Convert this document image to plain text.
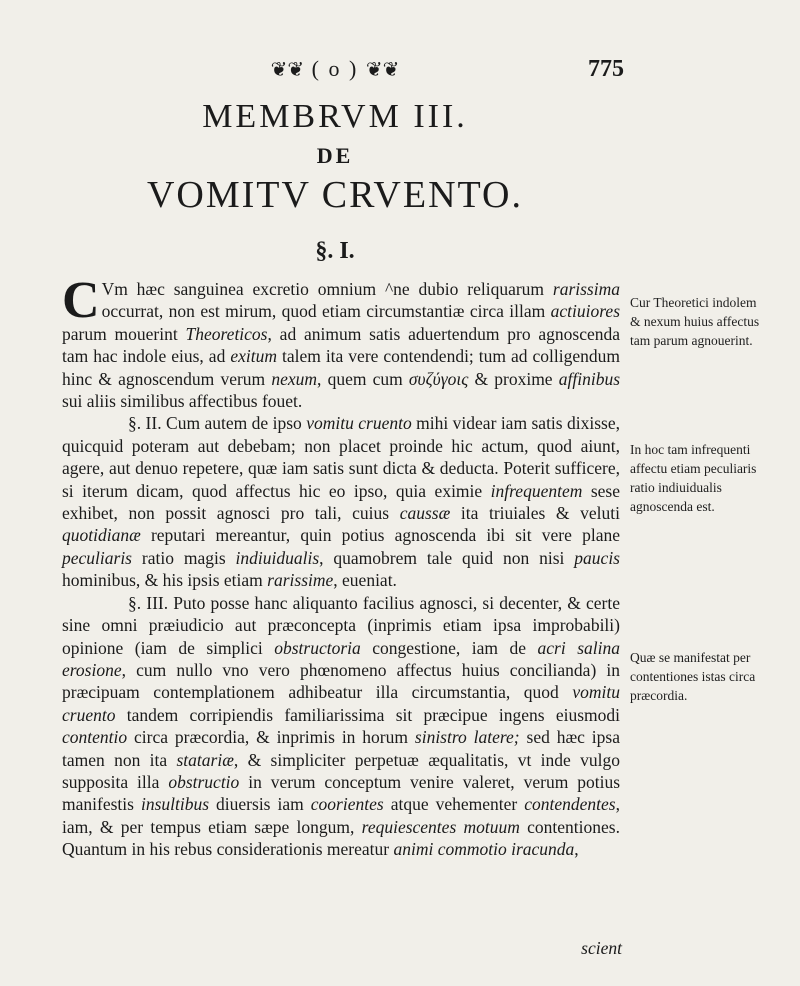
❦❦ ( o ) ❦❦	775
MEMBRVM III.
DE
VOMITV CRVENTO.
§. I.

C Vm hæc sanguinea excretio omnium ^ne dubio reliquarum rarissima occurrat, non est mirum, quod etiam circumstantiæ circa illam actiuiores parum mouerint Theoreticos, ad animum satis aduertendum pro agnoscenda tam hac indole eius, ad exitum talem ita vere contendendi; tum ad colligendum hinc & agnoscendum verum nexum, quem cum συζύγοις & proxime affinibus sui aliis similibus affectibus fouet.

§. II. Cum autem de ipso vomitu cruento mihi videar iam satis dixisse, quicquid poteram aut debebam; non placet proinde hic actum, quod aiunt, agere, aut denuo repetere, quæ iam satis sunt dicta & deducta. Poterit sufficere, si iterum dicam, quod affectus hic eo ipso, quia eximie infrequentem sese exhibet, non possit agnosci pro tali, cuius caussæ ita triuiales & veluti quotidianæ reputari mereantur, quin potius agnoscenda ibi sit vere plane peculiaris ratio magis indiuidualis, quamobrem tale quid non nisi paucis hominibus, & his ipsis etiam rarissime, eueniat.

§. III. Puto posse hanc aliquanto facilius agnosci, si decenter, & certe sine omni præiudicio aut præconcepta (inprimis etiam ipsa improbabili) opinione (iam de simplici obstructoria congestione, iam de acri salina erosione, cum nullo vno vero phœnomeno affectus huius concilianda) in præcipuam contemplationem adhibeatur illa circumstantia, quod vomitu cruento tandem corripiendis familiarissima sit præcipue ingens eiusmodi contentio circa præcordia, & inprimis in horum sinistro latere; sed hæc ipsa tamen non ita statariæ, & simpliciter perpetuæ æqualitatis, vt inde vulgo supposita illa obstructio in verum conceptum venire valeret, verum potius manifestis insultibus diuersis iam coorientes atque vehementer contendentes, iam, & per tempus etiam sæpe longum, requiescentes motuum contentiones. Quantum in his rebus considerationis mereatur animi commotio iracunda,

scient
Cur Theoretici indolem & nexum huius affectus tam parum agnouerint.
In hoc tam infrequenti affectu etiam peculiaris ratio indiuidualis agnoscenda est.
Quæ se manifestat per contentiones istas circa præcordia.
